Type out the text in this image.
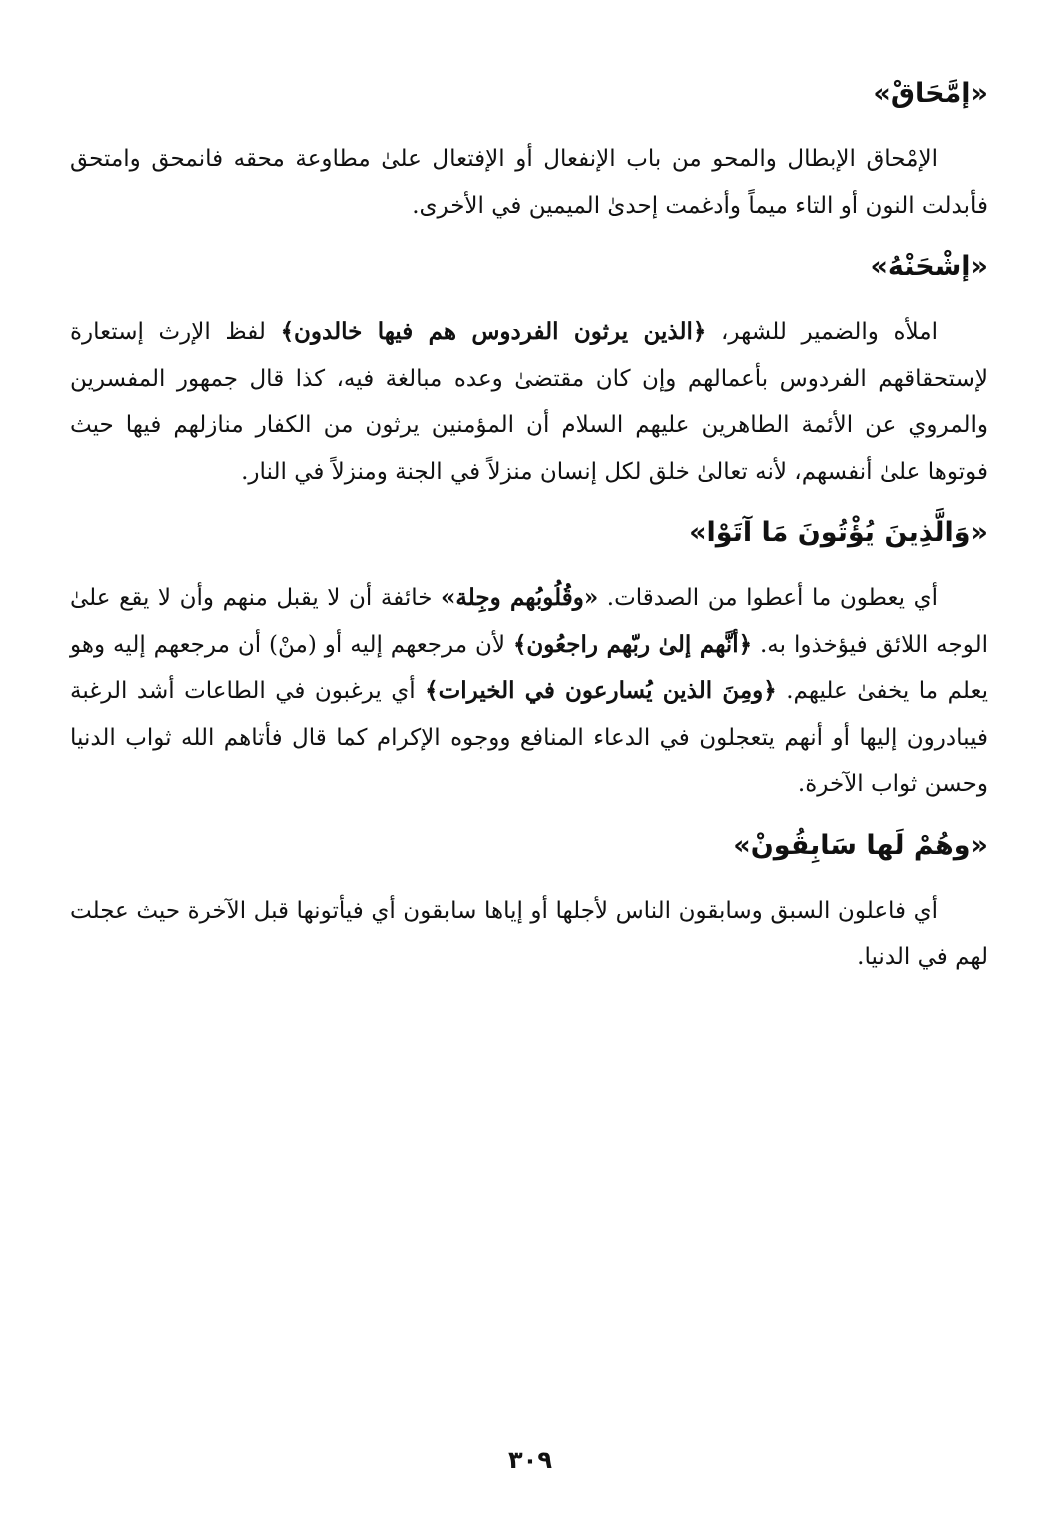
«إمَّحَاقْ»

الإمْحاق الإبطال والمحو من باب الإنفعال أو الإفتعال علىٰ مطاوعة محقه فانمحق وامتحق فأبدلت النون أو التاء ميماً وأدغمت إحدىٰ الميمين في الأخرى.

«إشْحَنْهُ»

املأه والضمير للشهر، ﴿الذين يرثون الفردوس هم فيها خالدون﴾ لفظ الإرث إستعارة لإستحقاقهم الفردوس بأعمالهم وإن كان مقتضىٰ وعده مبالغة فيه، كذا قال جمهور المفسرين والمروي عن الأئمة الطاهرين عليهم السلام أن المؤمنين يرثون من الكفار منازلهم فيها حيث فوتوها علىٰ أنفسهم، لأنه تعالىٰ خلق لكل إنسان منزلاً في الجنة ومنزلاً في النار.

«وَالَّذِينَ يُؤْتُونَ مَا آتَوْا»

أي يعطون ما أعطوا من الصدقات. «وقُلُوبُهم وجِلة» خائفة أن لا يقبل منهم وأن لا يقع علىٰ الوجه اللائق فيؤخذوا به. ﴿أنَّهم إلىٰ ربّهم راجعُون﴾ لأن مرجعهم إليه أو (منْ) أن مرجعهم إليه وهو يعلم ما يخفىٰ عليهم. ﴿ومِنَ الذين يُسارعون في الخيرات﴾ أي يرغبون في الطاعات أشد الرغبة فيبادرون إليها أو أنهم يتعجلون في الدعاء المنافع ووجوه الإكرام كما قال فأتاهم الله ثواب الدنيا وحسن ثواب الآخرة.

«وهُمْ لَها سَابِقُونْ»

أي فاعلون السبق وسابقون الناس لأجلها أو إياها سابقون أي فيأتونها قبل الآخرة حيث عجلت لهم في الدنيا.

٣٠٩
